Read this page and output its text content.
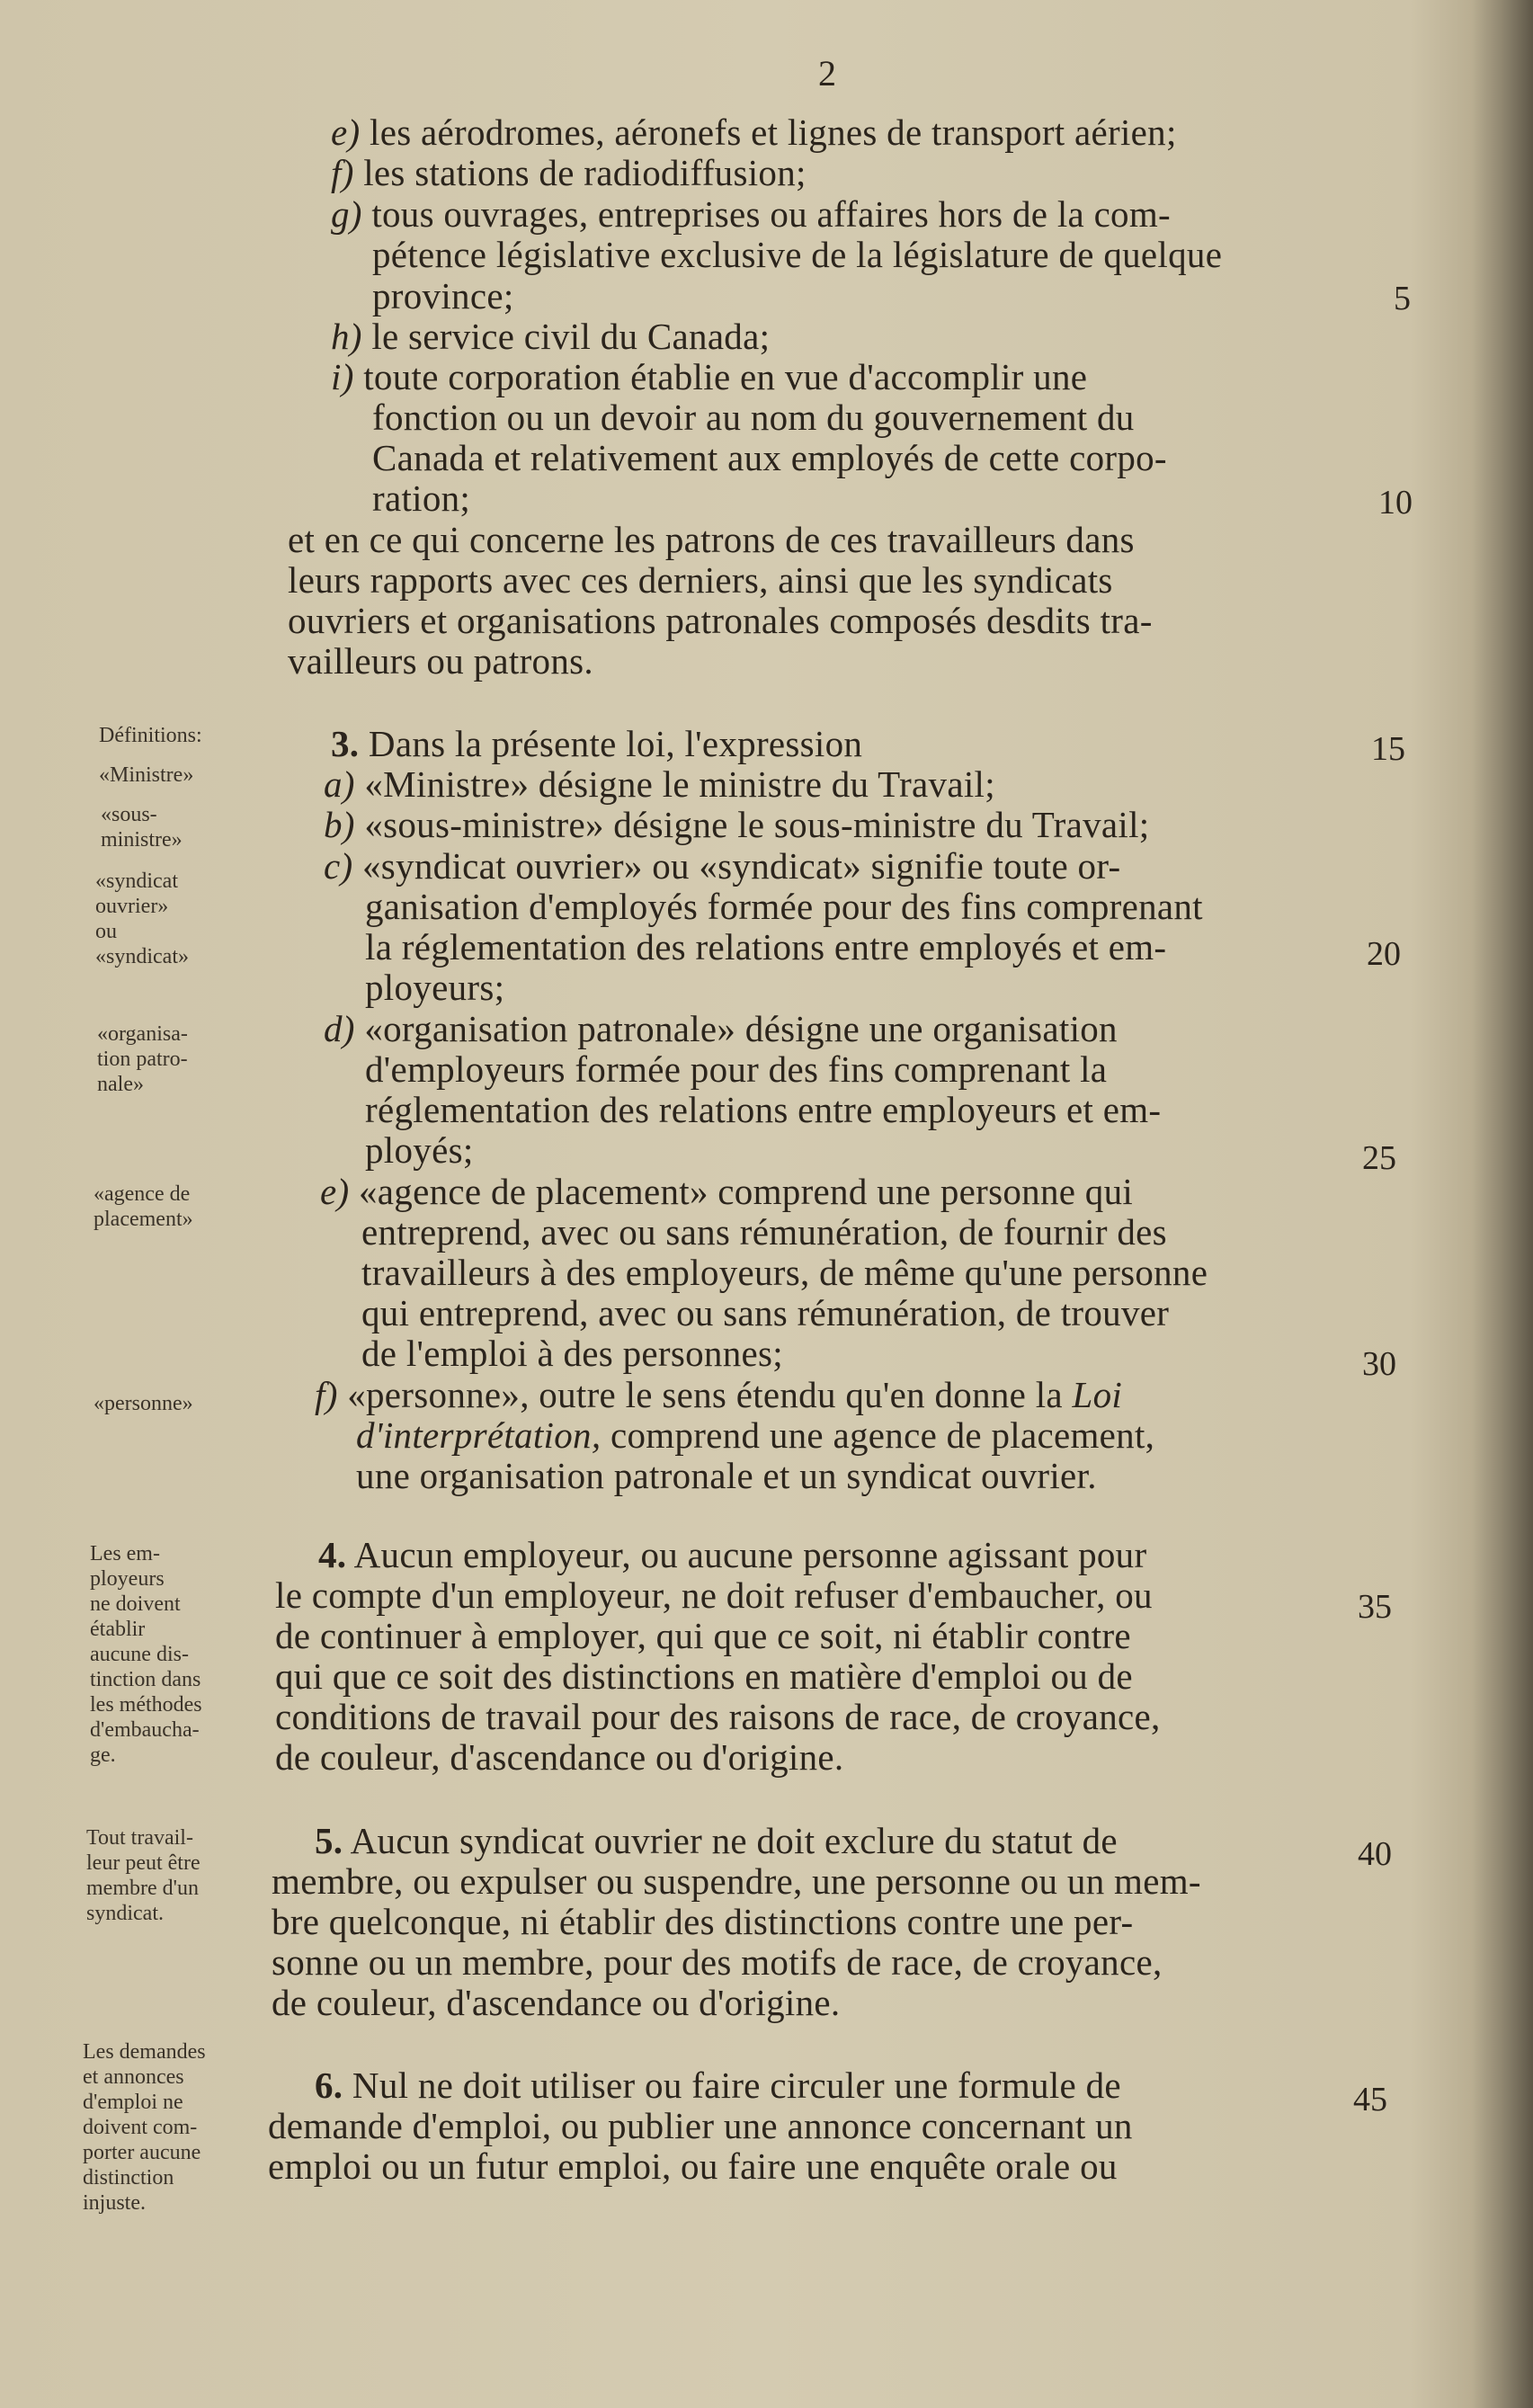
2
e) les aérodromes, aéronefs et lignes de transport aérien;
f) les stations de radiodiffusion;
g) tous ouvrages, entreprises ou affaires hors de la com-
pétence législative exclusive de la législature de quelque
province;
h) le service civil du Canada;
i) toute corporation établie en vue d'accomplir une
fonction ou un devoir au nom du gouvernement du
Canada et relativement aux employés de cette corpo-
ration;
et en ce qui concerne les patrons de ces travailleurs dans
leurs rapports avec ces derniers, ainsi que les syndicats
ouvriers et organisations patronales composés desdits tra-
vailleurs ou patrons.
3. Dans la présente loi, l'expression
a) «Ministre» désigne le ministre du Travail;
b) «sous-ministre» désigne le sous-ministre du Travail;
c) «syndicat ouvrier» ou «syndicat» signifie toute or-
ganisation d'employés formée pour des fins comprenant
la réglementation des relations entre employés et em-
ployeurs;
d) «organisation patronale» désigne une organisation
d'employeurs formée pour des fins comprenant la
réglementation des relations entre employeurs et em-
ployés;
e) «agence de placement» comprend une personne qui
entreprend, avec ou sans rémunération, de fournir des
travailleurs à des employeurs, de même qu'une personne
qui entreprend, avec ou sans rémunération, de trouver
de l'emploi à des personnes;
f) «personne», outre le sens étendu qu'en donne la Loi
d'interprétation, comprend une agence de placement,
une organisation patronale et un syndicat ouvrier.
4. Aucun employeur, ou aucune personne agissant pour
le compte d'un employeur, ne doit refuser d'embaucher, ou
de continuer à employer, qui que ce soit, ni établir contre
qui que ce soit des distinctions en matière d'emploi ou de
conditions de travail pour des raisons de race, de croyance,
de couleur, d'ascendance ou d'origine.
5. Aucun syndicat ouvrier ne doit exclure du statut de
membre, ou expulser ou suspendre, une personne ou un mem-
bre quelconque, ni établir des distinctions contre une per-
sonne ou un membre, pour des motifs de race, de croyance,
de couleur, d'ascendance ou d'origine.
6. Nul ne doit utiliser ou faire circuler une formule de
demande d'emploi, ou publier une annonce concernant un
emploi ou un futur emploi, ou faire une enquête orale ou
5
10
15
20
25
30
35
40
45
Définitions:
«Ministre»
«sous-
ministre»
«syndicat
ouvrier»
ou
«syndicat»
«organisa-
tion patro-
nale»
«agence de
placement»
«personne»
Les em-
ployeurs
ne doivent
établir
aucune dis-
tinction dans
les méthodes
d'embaucha-
ge.
Tout travail-
leur peut être
membre d'un
syndicat.
Les demandes
et annonces
d'emploi ne
doivent com-
porter aucune
distinction
injuste.
